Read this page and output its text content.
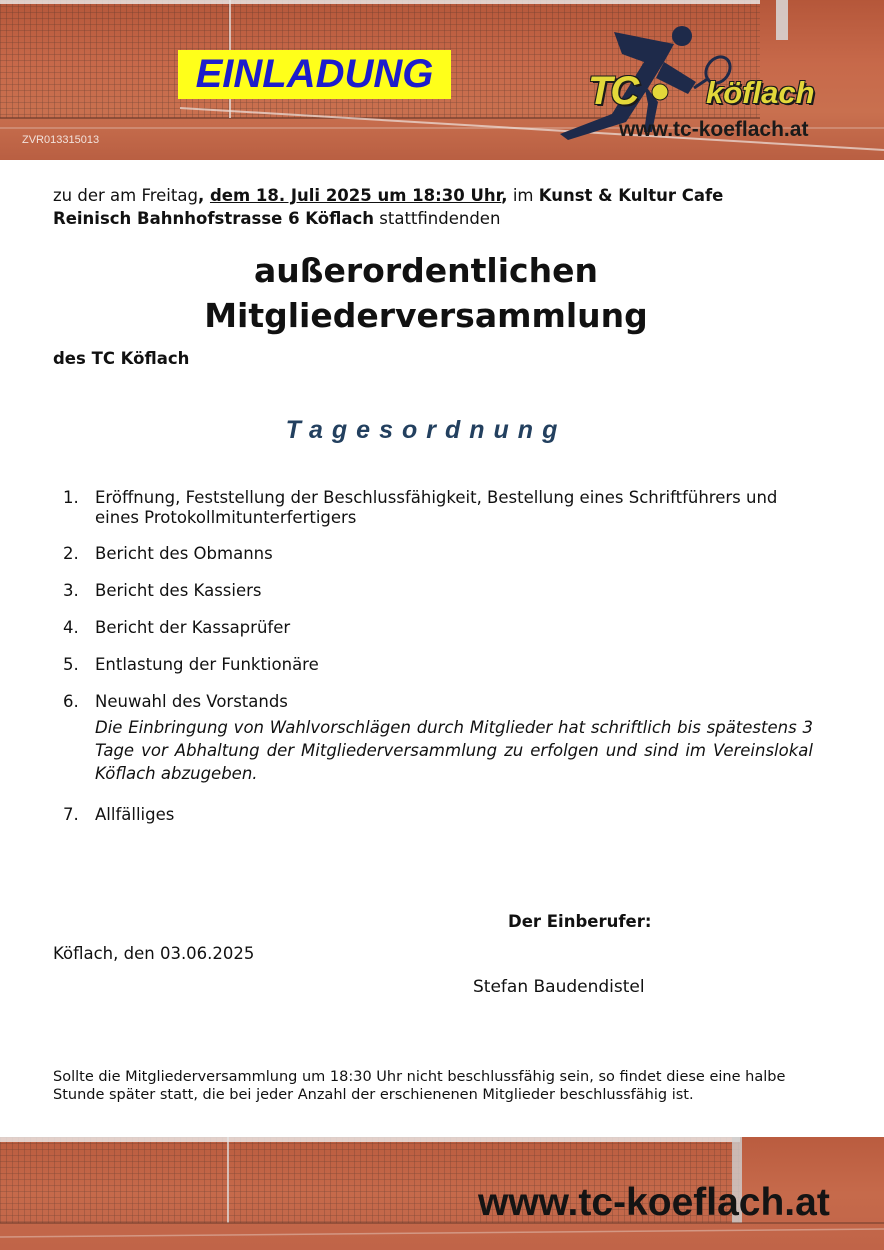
EINLADUNG
ZVR013315013
TC köflach
www.tc-koeflach.at
zu der am Freitag, dem 18. Juli 2025 um 18:30 Uhr, im Kunst & Kultur Cafe Reinisch Bahnhofstrasse 6 Köflach stattfindenden
außerordentlichen
Mitgliederversammlung
des TC Köflach
Tagesordnung
1. Eröffnung, Feststellung der Beschlussfähigkeit, Bestellung eines Schriftführers und eines Protokollmitunterfertigers
2. Bericht des Obmanns
3. Bericht des Kassiers
4. Bericht der Kassaprüfer
5. Entlastung der Funktionäre
6. Neuwahl des Vorstands
Die Einbringung von Wahlvorschlägen durch Mitglieder hat schriftlich bis spätestens 3 Tage vor Abhaltung der Mitgliederversammlung zu erfolgen und sind im Vereinslokal Köflach abzugeben.
7. Allfälliges
Der Einberufer:
Köflach, den 03.06.2025
Stefan Baudendistel
Sollte die Mitgliederversammlung um 18:30 Uhr nicht beschlussfähig sein, so findet diese eine halbe Stunde später statt, die bei jeder Anzahl der erschienenen Mitglieder beschlussfähig ist.
www.tc-koeflach.at
